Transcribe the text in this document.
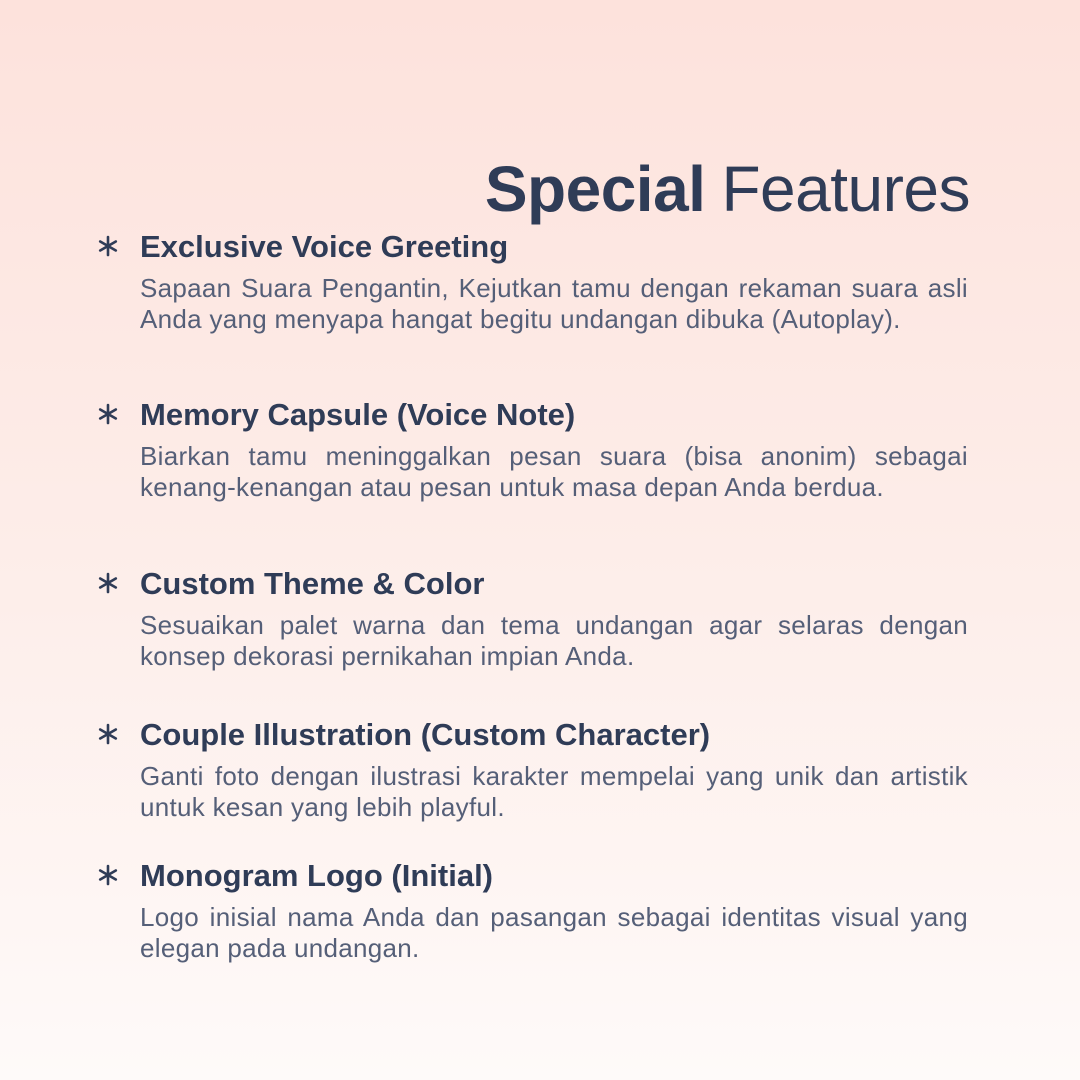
Special Features
Exclusive Voice Greeting

Sapaan Suara Pengantin, Kejutkan tamu dengan rekaman suara asli Anda yang menyapa hangat begitu undangan dibuka (Autoplay).

Memory Capsule (Voice Note)

Biarkan tamu meninggalkan pesan suara (bisa anonim) sebagai kenang-kenangan atau pesan untuk masa depan Anda berdua.

Custom Theme & Color

Sesuaikan palet warna dan tema undangan agar selaras dengan konsep dekorasi pernikahan impian Anda.

Couple Illustration (Custom Character)

Ganti foto dengan ilustrasi karakter mempelai yang unik dan artistik untuk kesan yang lebih playful.

Monogram Logo (Initial)

Logo inisial nama Anda dan pasangan sebagai identitas visual yang elegan pada undangan.
